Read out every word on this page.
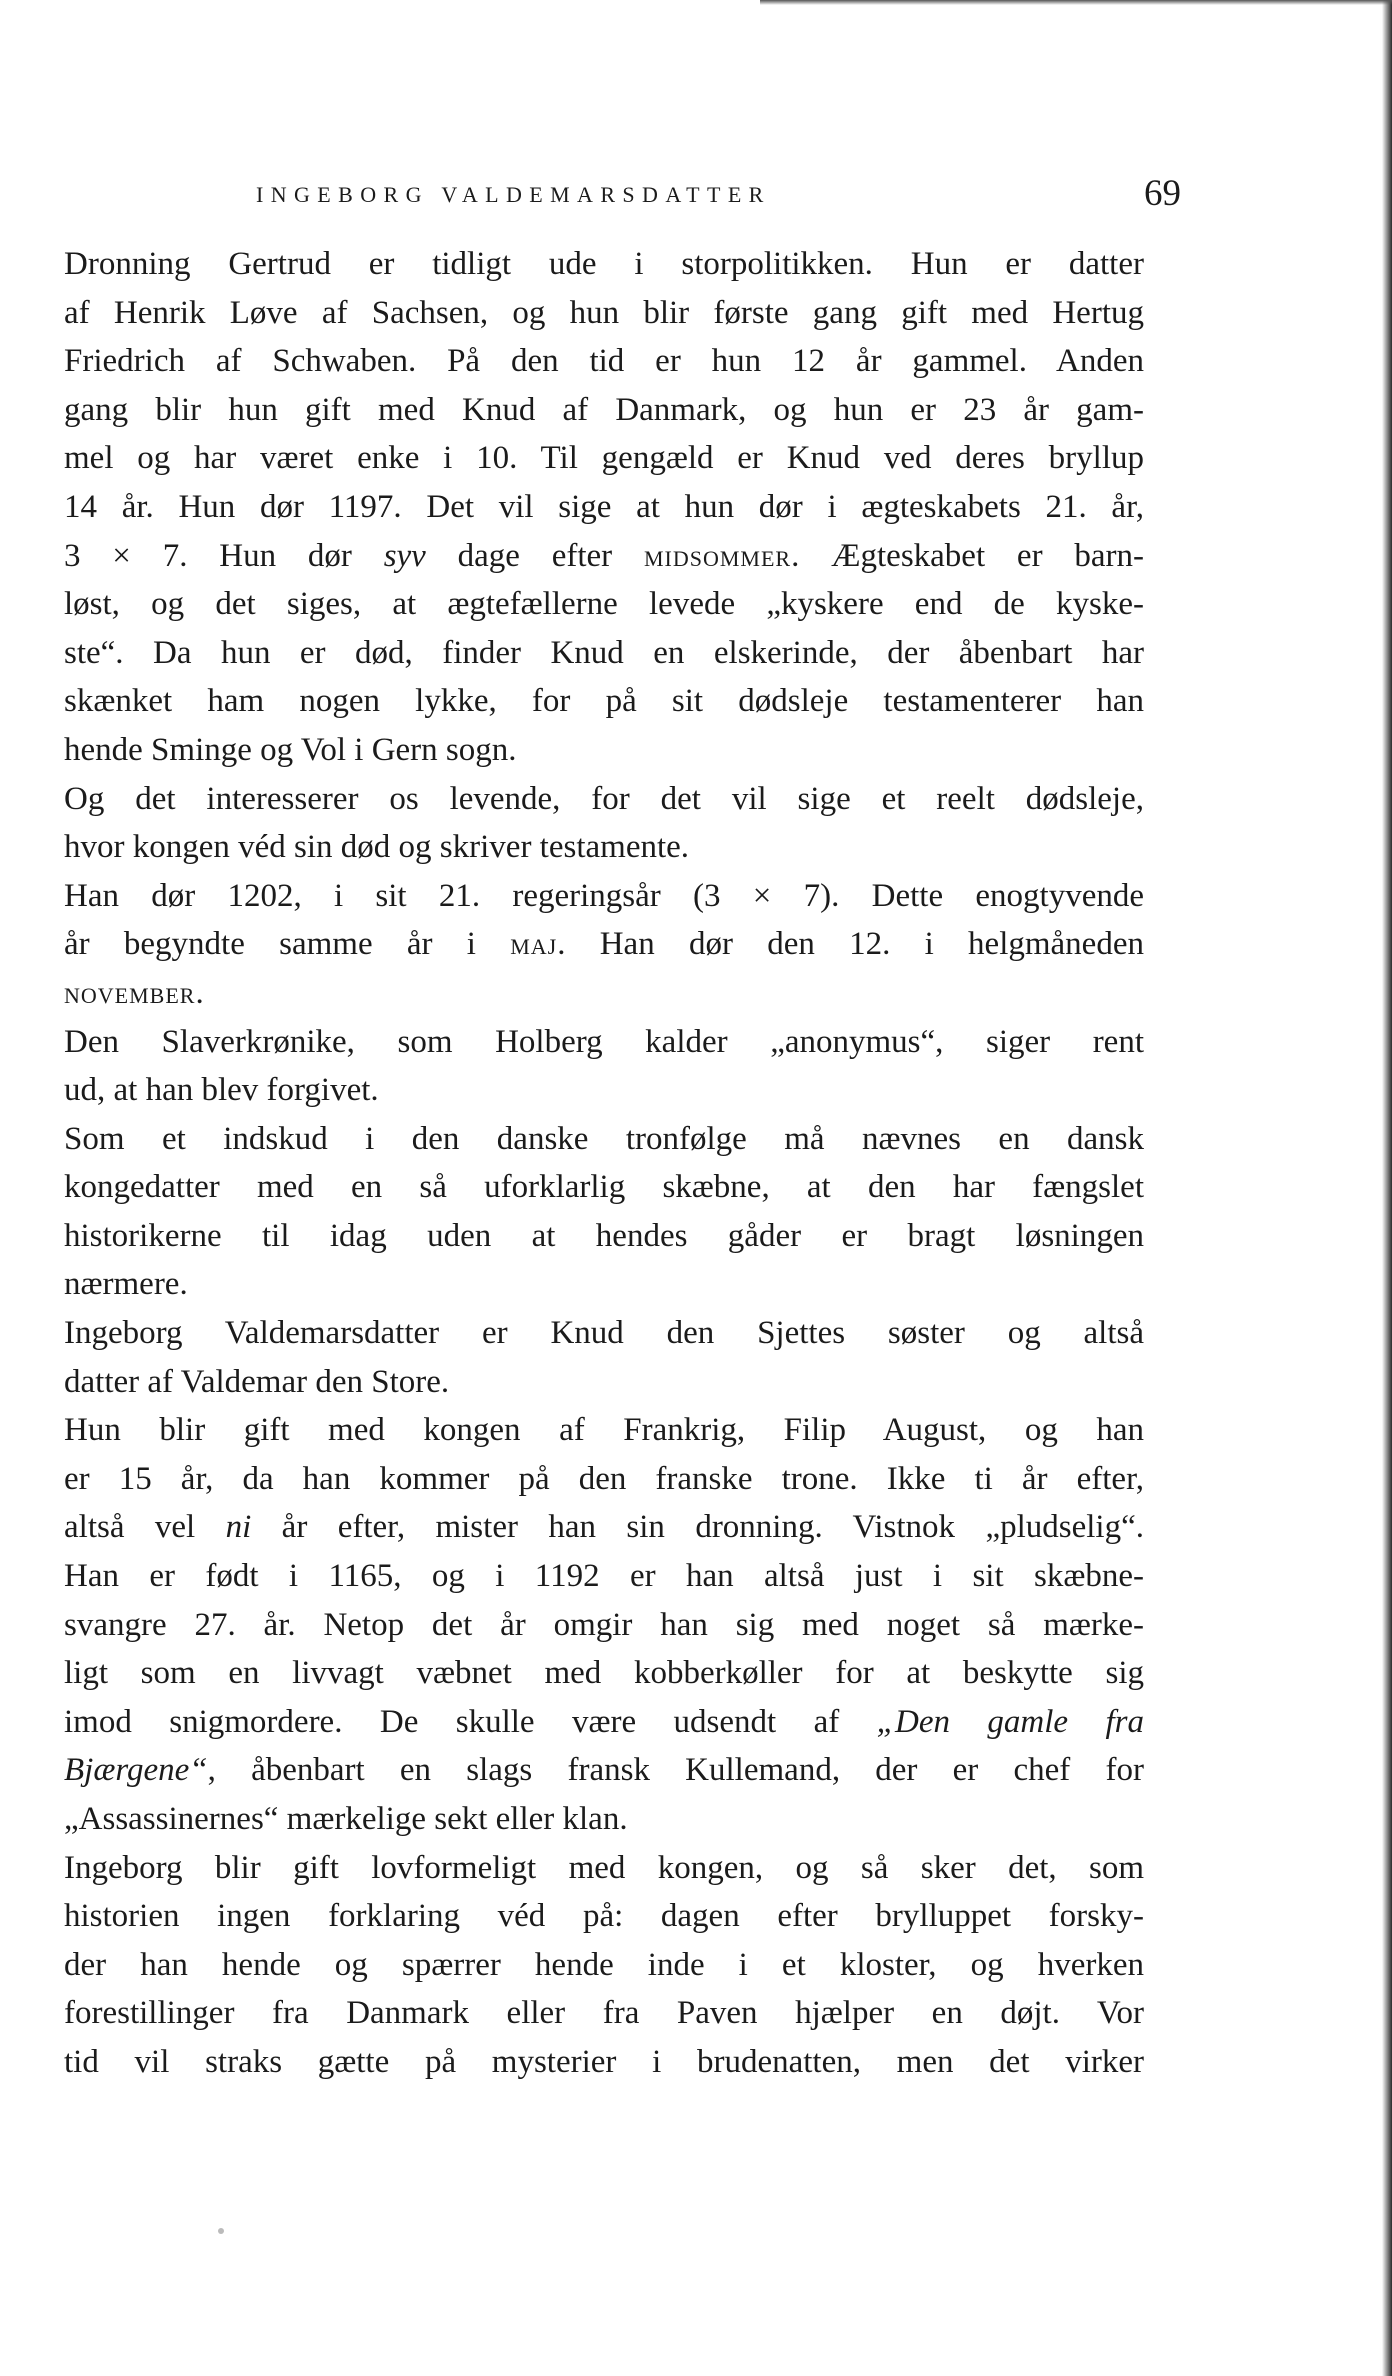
INGEBORG VALDEMARSDATTER	69
Dronning Gertrud er tidligt ude i storpolitikken. Hun er datter
af Henrik Løve af Sachsen, og hun blir første gang gift med Hertug
Friedrich af Schwaben. På den tid er hun 12 år gammel. Anden
gang blir hun gift med Knud af Danmark, og hun er 23 år gam-
mel og har været enke i 10. Til gengæld er Knud ved deres bryllup
14 år. Hun dør 1197. Det vil sige at hun dør i ægteskabets 21. år,
3 × 7. Hun dør syv dage efter MIDSOMMER. Ægteskabet er barn-
løst, og det siges, at ægtefællerne levede „kyskere end de kyske-
ste“. Da hun er død, finder Knud en elskerinde, der åbenbart har
skænket ham nogen lykke, for på sit dødsleje testamenterer han
hende Sminge og Vol i Gern sogn.
Og det interesserer os levende, for det vil sige et reelt dødsleje,
hvor kongen véd sin død og skriver testamente.
Han dør 1202, i sit 21. regeringsår (3 × 7). Dette enogtyvende
år begyndte samme år i MAJ. Han dør den 12. i helgmåneden
NOVEMBER.
Den Slaverkrønike, som Holberg kalder „anonymus“, siger rent
ud, at han blev forgivet.
Som et indskud i den danske tronfølge må nævnes en dansk
kongedatter med en så uforklarlig skæbne, at den har fængslet
historikerne til idag uden at hendes gåder er bragt løsningen
nærmere.
Ingeborg Valdemarsdatter er Knud den Sjettes søster og altså
datter af Valdemar den Store.
Hun blir gift med kongen af Frankrig, Filip August, og han
er 15 år, da han kommer på den franske trone. Ikke ti år efter,
altså vel ni år efter, mister han sin dronning. Vistnok „pludselig“.
Han er født i 1165, og i 1192 er han altså just i sit skæbne-
svangre 27. år. Netop det år omgir han sig med noget så mærke-
ligt som en livvagt væbnet med kobberkøller for at beskytte sig
imod snigmordere. De skulle være udsendt af „Den gamle fra
Bjærgene“, åbenbart en slags fransk Kullemand, der er chef for
„Assassinernes“ mærkelige sekt eller klan.
Ingeborg blir gift lovformeligt med kongen, og så sker det, som
historien ingen forklaring véd på: dagen efter brylluppet forsky-
der han hende og spærrer hende inde i et kloster, og hverken
forestillinger fra Danmark eller fra Paven hjælper en døjt. Vor
tid vil straks gætte på mysterier i brudenatten, men det virker
